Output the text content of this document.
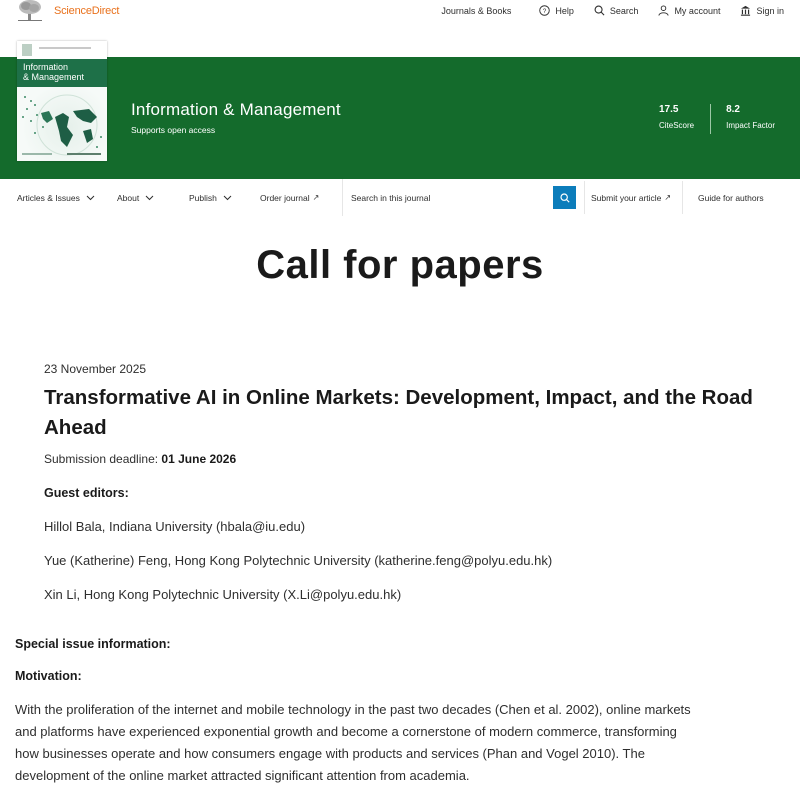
ScienceDirect	Journals & Books	? Help	Search	My account	Sign in
Information & Management
Supports open access
17.5
CiteScore
8.2
Impact Factor
Information
& Management
Articles & Issues	About	Publish	Order journal ↗
Search in this journal	Submit your article ↗	Guide for authors
Call for papers
23 November 2025
Transformative AI in Online Markets: Development, Impact, and the Road Ahead
Submission deadline: 01 June 2026
Guest editors:
Hillol Bala, Indiana University (hbala@iu.edu)
Yue (Katherine) Feng, Hong Kong Polytechnic University (katherine.feng@polyu.edu.hk)
Xin Li, Hong Kong Polytechnic University (X.Li@polyu.edu.hk)
Special issue information:
Motivation:
With the proliferation of the internet and mobile technology in the past two decades (Chen et al. 2002), online markets
and platforms have experienced exponential growth and become a cornerstone of modern commerce, transforming
how businesses operate and how consumers engage with products and services (Phan and Vogel 2010). The
development of the online market attracted significant attention from academia.
